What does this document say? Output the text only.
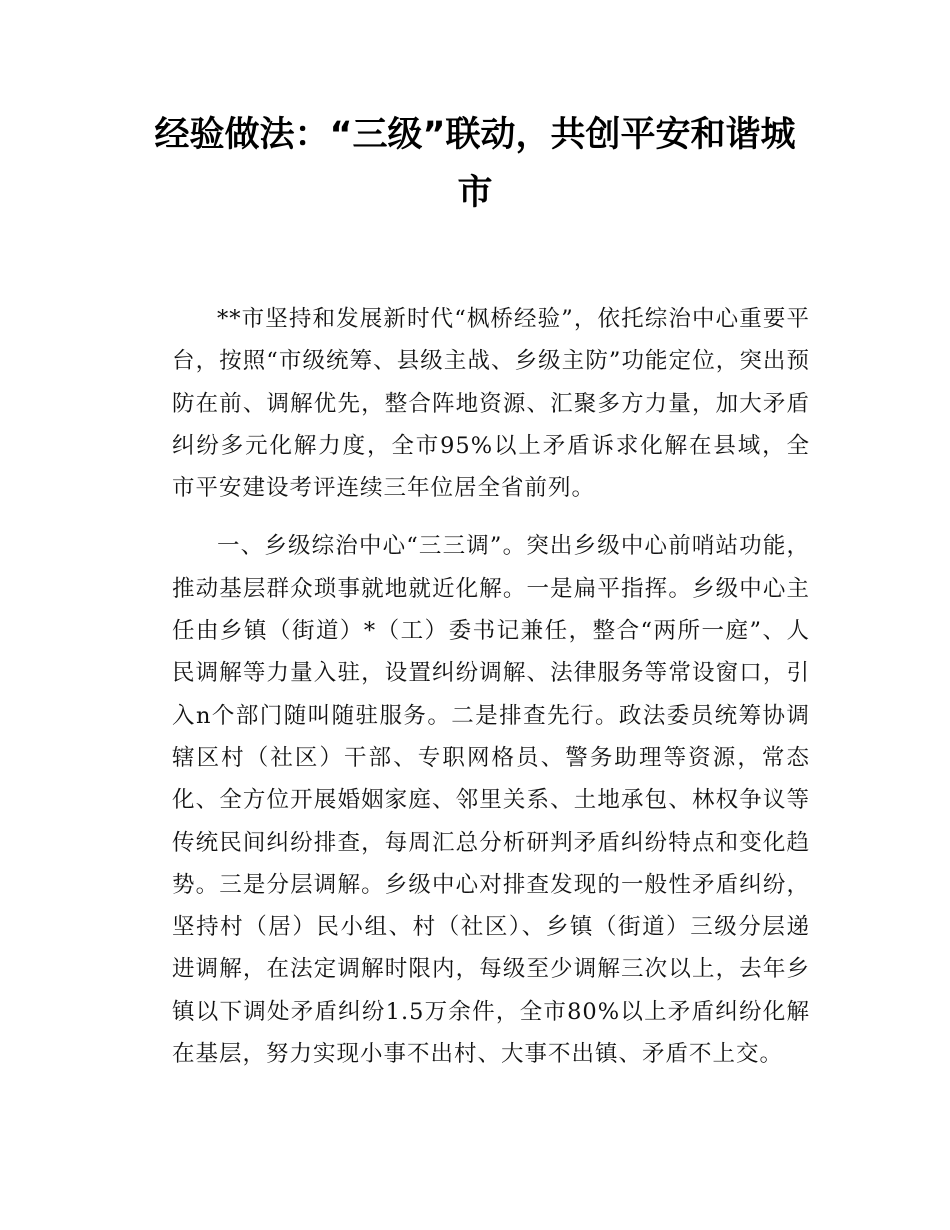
经验做法：“三级”联动，共创平安和谐城市

**市坚持和发展新时代“枫桥经验”，依托综治中心重要平台，按照“市级统筹、县级主战、乡级主防”功能定位，突出预防在前、调解优先，整合阵地资源、汇聚多方力量，加大矛盾纠纷多元化解力度，全市95%以上矛盾诉求化解在县域，全市平安建设考评连续三年位居全省前列。

一、乡级综治中心“三三调”。突出乡级中心前哨站功能，推动基层群众琐事就地就近化解。一是扁平指挥。乡级中心主任由乡镇（街道）*（工）委书记兼任，整合“两所一庭”、人民调解等力量入驻，设置纠纷调解、法律服务等常设窗口，引入n个部门随叫随驻服务。二是排查先行。政法委员统筹协调辖区村（社区）干部、专职网格员、警务助理等资源，常态化、全方位开展婚姻家庭、邻里关系、土地承包、林权争议等传统民间纠纷排查，每周汇总分析研判矛盾纠纷特点和变化趋势。三是分层调解。乡级中心对排查发现的一般性矛盾纠纷，坚持村（居）民小组、村（社区）、乡镇（街道）三级分层递进调解，在法定调解时限内，每级至少调解三次以上，去年乡镇以下调处矛盾纠纷1.5万余件，全市80%以上矛盾纠纷化解在基层，努力实现小事不出村、大事不出镇、矛盾不上交。
